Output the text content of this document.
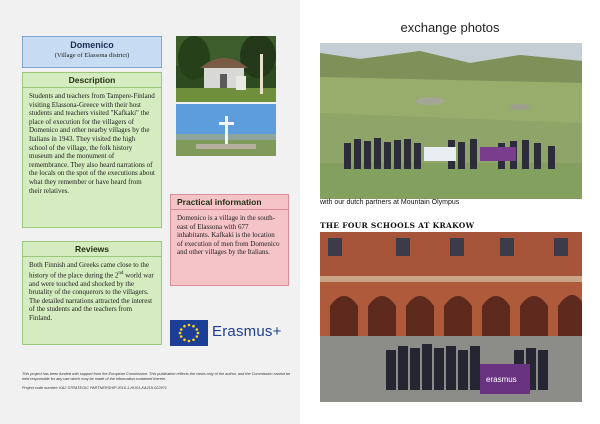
Domenico
(Village of Elassona district)
Description
Students and teachers from Tampere-Finland visiting Elassona-Greece with their host students and teachers visited "Kafkaki" the place of execution for the villagers of Domenico and other nearby villages by the Italians in 1943. They visited the high school of the village, the folk history museum and the monument of remembrance. They also heard narrations of the locals on the spot of the executions about what they remember or have heard from their relatives.
Reviews
Both Finnish and Greeks came close to the history of the place during the 2nd world war and were touched and shocked by the brutality of the conquerors to the villagers. The detailed narrations attracted the interest of the students and the teachers from Finland.
Practical information
Domenico is a village in the south-east of Elassona with 677 inhabitants. Kafkaki is the location of execution of men from Domenico and other villages by the Italians.
Erasmus+
This project has been funded with support from the European Commission. This publication reflects the views only of the author, and the Commission cannot be held responsible for any use which may be made of the information contained therein.
Project code number: KA2 STRATEGIC PARTNERSHIP 2016-1-HU01-KA219-022971
exchange photos
with our dutch partners at Mountain Olympus
THE FOUR SCHOOLS AT KRAKOW
erasmus
